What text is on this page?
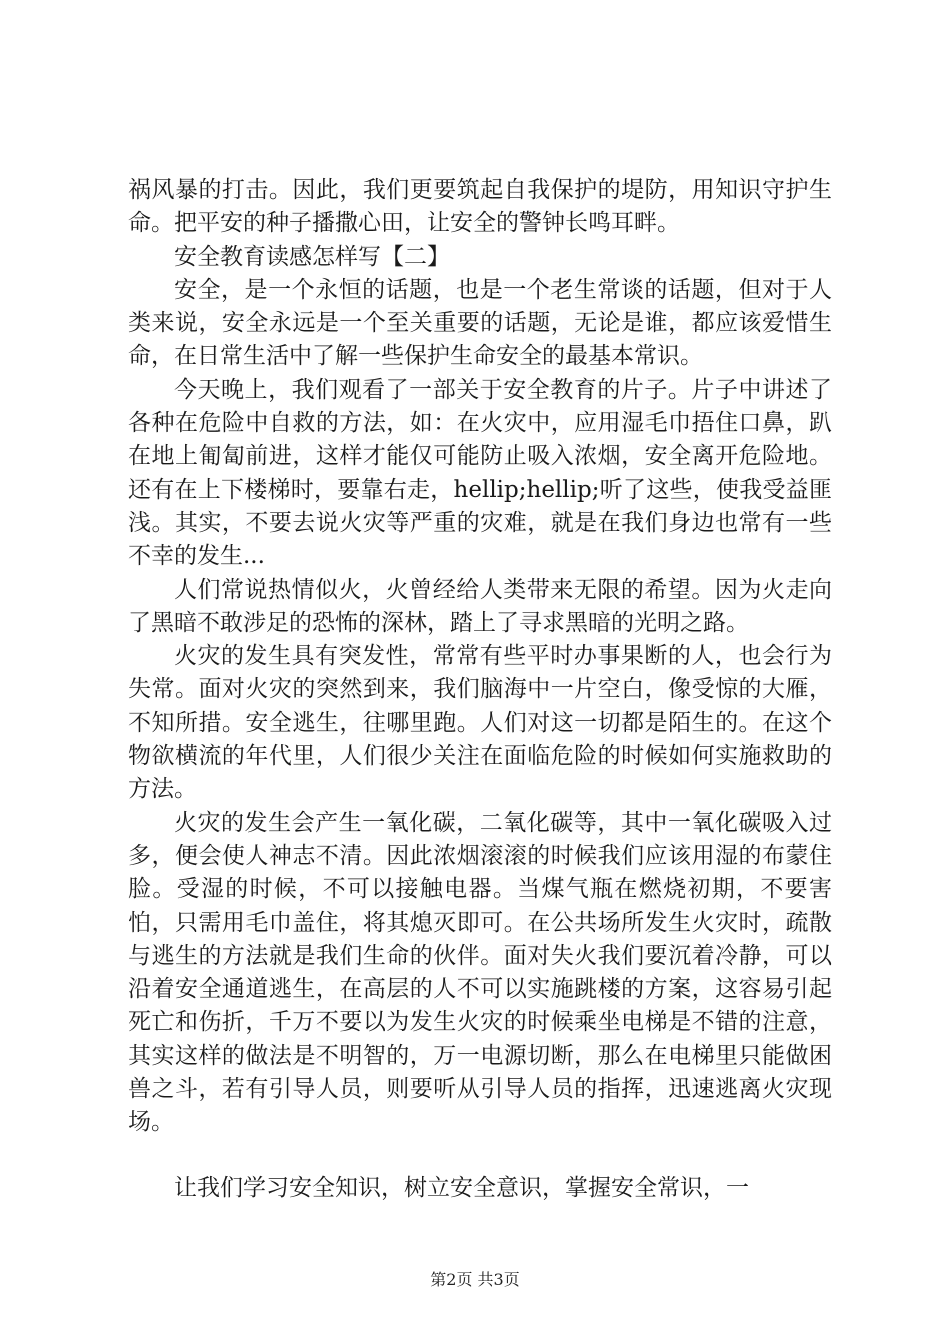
祸风暴的打击。因此，我们更要筑起自我保护的堤防，用知识守护生命。把平安的种子播撒心田，让安全的警钟长鸣耳畔。

安全教育读感怎样写【二】

安全，是一个永恒的话题，也是一个老生常谈的话题，但对于人类来说，安全永远是一个至关重要的话题，无论是谁，都应该爱惜生命，在日常生活中了解一些保护生命安全的最基本常识。

今天晚上，我们观看了一部关于安全教育的片子。片子中讲述了各种在危险中自救的方法，如：在火灾中，应用湿毛巾捂住口鼻，趴在地上匍匐前进，这样才能仅可能防止吸入浓烟，安全离开危险地。还有在上下楼梯时，要靠右走，hellip;hellip;听了这些，使我受益匪浅。其实，不要去说火灾等严重的灾难，就是在我们身边也常有一些不幸的发生...

人们常说热情似火，火曾经给人类带来无限的希望。因为火走向了黑暗不敢涉足的恐怖的深林，踏上了寻求黑暗的光明之路。

火灾的发生具有突发性，常常有些平时办事果断的人，也会行为失常。面对火灾的突然到来，我们脑海中一片空白，像受惊的大雁，不知所措。安全逃生，往哪里跑。人们对这一切都是陌生的。在这个物欲横流的年代里，人们很少关注在面临危险的时候如何实施救助的方法。

火灾的发生会产生一氧化碳，二氧化碳等，其中一氧化碳吸入过多，便会使人神志不清。因此浓烟滚滚的时候我们应该用湿的布蒙住脸。受湿的时候，不可以接触电器。当煤气瓶在燃烧初期，不要害怕，只需用毛巾盖住，将其熄灭即可。在公共场所发生火灾时，疏散与逃生的方法就是我们生命的伙伴。面对失火我们要沉着冷静，可以沿着安全通道逃生，在高层的人不可以实施跳楼的方案，这容易引起死亡和伤折，千万不要以为发生火灾的时候乘坐电梯是不错的注意，其实这样的做法是不明智的，万一电源切断，那么在电梯里只能做困兽之斗，若有引导人员，则要听从引导人员的指挥，迅速逃离火灾现场。

让我们学习安全知识，树立安全意识，掌握安全常识，一

第2页 共3页
